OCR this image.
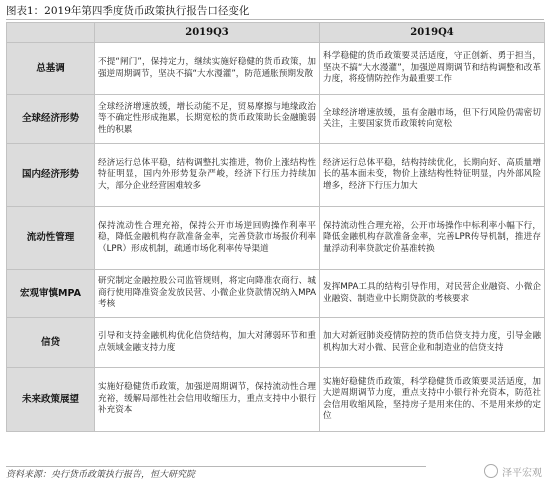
图表1：2019年第四季度货币政策执行报告口径变化
	2019Q3	2019Q4
总基调	不提“闸门”，保持定力，继续实施好稳健的货币政策，加强逆周期调节，坚决不搞“大水漫灌”，防范通胀预期发散	科学稳健的货币政策要灵活适度，守正创新、勇于担当，坚决不搞“大水漫灌”，加强逆周期调节和结构调整和改革力度，将疫情防控作为最重要工作
全球经济形势	全球经济增速放缓，增长动能不足，贸易摩擦与地缘政治等不确定性形成拖累，长期宽松的货币政策助长金融脆弱性的积累	全球经济增速放缓，虽有金融市场，但下行风险仍需密切关注，主要国家货币政策转向宽松
国内经济形势	经济运行总体平稳，结构调整扎实推进，物价上涨结构性特征明显，国内外形势复杂严峻，经济下行压力持续加大，部分企业经营困难较多	经济运行总体平稳，结构持续优化，长期向好、高质量增长的基本面未变，物价上涨结构性特征明显，内外部风险增多，经济下行压力加大
流动性管理	保持流动性合理充裕，保持公开市场逆回购操作利率平稳，降低金融机构存款准备金率，完善贷款市场报价利率（LPR）形成机制，疏通市场化利率传导渠道	保持流动性合理充裕，公开市场操作中标利率小幅下行，降低金融机构存款准备金率，完善LPR传导机制，推进存量浮动利率贷款定价基准转换
宏观审慎MPA	研究制定金融控股公司监管规则，将定向降准农商行、城商行使用降准资金发放民营、小微企业贷款情况纳入MPA考核	发挥MPA工具的结构引导作用，对民营企业融资、小微企业融资、制造业中长期贷款的考核要求
信贷	引导和支持金融机构优化信贷结构，加大对薄弱环节和重点领域金融支持力度	加大对新冠肺炎疫情防控的货币信贷支持力度，引导金融机构加大对小微、民营企业和制造业的信贷支持
未来政策展望	实施好稳健货币政策，加强逆周期调节，保持流动性合理充裕，缓解局部性社会信用收缩压力，重点支持中小银行补充资本	实施好稳健货币政策，科学稳健货币政策要灵活适度，加大逆周期调节力度，重点支持中小银行补充资本，防范社会信用收缩风险，坚持房子是用来住的、不是用来炒的定位
资料来源：央行货币政策执行报告，恒大研究院	泽平宏观
